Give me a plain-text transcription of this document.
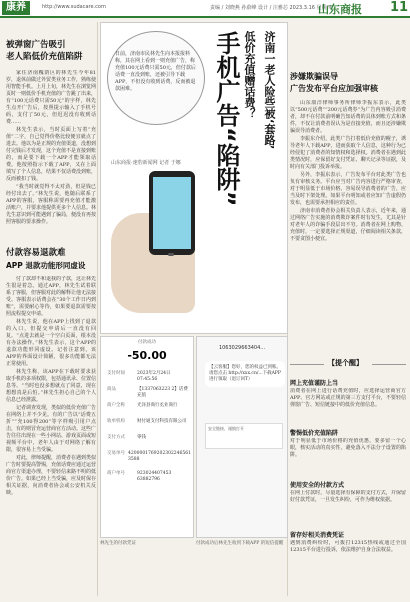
康养	http://www.sudacare.com	责编 / 刘晓燕 孙蔚峰 设计 / 汪雅芯 2023.3.16 星期四
山东商报 11
被弹窗广告吸引
老人陷低价充值陷阱

家住济南槐荫区的林先生今年81岁，退休前做过外贸类业务工作，熟练使用智能手机。上月上旬，林先生在浏览网页时一则低价手机充值的广告跳了出来，有“100元话费只需50元”的字样，林先生点开广告后，按照提示输入了手机号码，支付了50元，但迟迟没有收到话费……

林先生表示，当时页面上写着“充值”二字，自己觉得价格比较便宜就点了进去。他以为是正规的充值渠道，没想到付完钱后才发现，这个充值不是直接到账的，而是要下载一个APP才能领取话费。他按照指示下载了APP，又在上面填写了个人信息，结果不仅话费没到账，反而被扣了钱。

“我当时就觉得不太对劲，但是钱已经付出去了。”林先生说，他随后联系了APP的客服，客服称需要再充值才能激活账户，并要求他提供更多个人信息。林先生意识到可能遇到了骗局，便没有再按照客服的要求操作。

付款容易退款难
APP 退款功能形同虚设

付了款却不和退我的子款，这让林先生很是着急。通过APP，林先生试着联系了客服，但客服对此的解释让他无法接受。客服表示话费会在“30个工作日内到账”，需要耐心等待，如果要退款需要按照流程提交申请。

林先生说，他在APP上找到了退款的入口，但提交申请后一直没有回复。“点进去就是一个空白页面，根本没有办法操作。”林先生表示，这个APP的退款功能形同虚设。记者注意到，该APP的界面设计简陋，很多功能都无法正常使用。

林先生称，该APP在下载时要求获取手机的多项权限，包括通讯录、位置信息等。“当时也没多想就点了同意，现在想想真是后怕。”林先生担心自己的个人信息已经泄露。

记者调查发现，类似的低价充值广告在网络上并不少见。有的广告以“话费五折”“充100得200”等字样吸引用户点击，有的则冒充运营商官方活动。这些广告往往出现在一些小网站、游戏页面或短视频平台中，老年人由于对网络了解有限，很容易上当受骗。

对此，律师提醒，消费者在遇到类似广告时要提高警惕，充值话费应通过运营商官方渠道办理，不要轻信来路不明的低价广告。如果已经上当受骗，应及时保存相关证据，向消费者协会或公安机关反映。

日前，济南市民林先生向本报报料称，其在网上看到一则充值广告，称充值100元话费只需50元，但付款后话费一直没到账，还被引导下载APP，不但没有收到话费，反而被退款困难。	济南一老人险些被‘套路’
低价充值赠话费？
手机广告“陷阱”
山东商报·速豹新闻网 记者 于娜
付款成功
-50.00
支付时间	2023年2月24日 07:45:56
商品	【1337063223 2】话费充值
商户全称	光泽县商行丞业商行
收单机构	财付通支付科技有限公司
支付方式	零钱
交易单号 4200001769202302246561 3588
商户单号	923024407453 63882796
林先生的付款凭证
1063029663404...
【云客服】您好，您的权益已到账。请您点击 http://xxx.cn/...下载APP进行领取（退订回T）
安全链接，谨慎打开
付款成功后林先生收到下载APP 的短信提醒
涉嫌欺骗误导
广告发布平台应加强审核

山东康洋律师事务所律师李振东表示，此类以“500元话费”“200元话费券”为广告内容吸引消费者，却不在付款前明确告知话费的具体到账方式和条件，不仅让消费者误认为是直接充值，而且还涉嫌欺骗误导消费者。

李振东介绍，此类广告打着低价充值的幌子，诱导老年人下载APP，进而获取个人信息，这种行为已经侵犯了消费者的知情权和选择权。消费者在遇到此类情况时，应保留好支付凭证、聊天记录等证据，及时向有关部门投诉举报。

另外，李振东表示，广告发布平台对此类广告也负有审核义务。平台应当对广告内容进行严格审查，对于明显低于市场价格、容易误导消费者的广告，应当及时下架处理。如果平台明知或者应知广告虚假仍发布，也需要承担相应的责任。

济南市消费者协会相关负责人表示，近年来，通过网络广告实施的消费欺诈案件时有发生，尤其是针对老年人的诈骗手段层出不穷。消费者在网上购物、充值时，一定要选择正规渠道，仔细阅读相关条款，不要贪图小便宜。

【提个醒】
网上充值谨防上当
消费者在网上进行话费充值时，应选择运营商官方APP、官方网站或正规的第三方支付平台，不要轻信弹窗广告、短信链接中的低价充值信息。
警惕低价充值陷阱
对于明显低于市场价格的充值优惠，要多留一个心眼，核实活动的真实性，避免落入不法分子设置的陷阱。
使用安全的付款方式
在网上付款时，尽量选择有保障的支付方式，并保留好付款凭证，一旦发生纠纷，可作为维权依据。
留存好相关消费凭证
遇到消费纠纷时，可拨打12315热线或通过全国12315平台进行投诉，依法维护自身合法权益。
